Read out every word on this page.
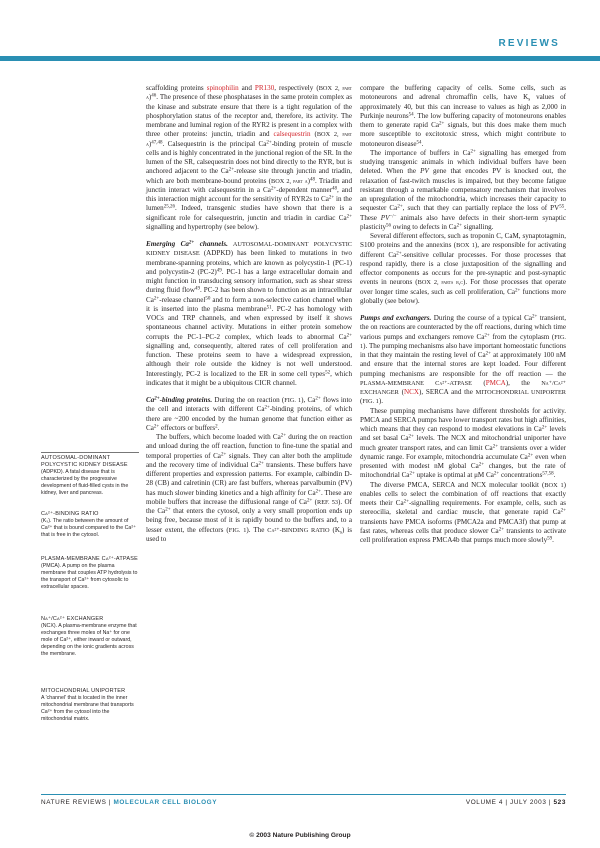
REVIEWS
AUTOSOMAL-DOMINANT POLYCYSTIC KIDNEY DISEASE
(ADPKD). A fatal disease that is characterized by the progressive development of fluid-filled cysts in the kidney, liver and pancreas.
Ca²⁺-BINDING RATIO
(Kₛ). The ratio between the amount of Ca²⁺ that is bound compared to the Ca²⁺ that is free in the cytosol.
PLASMA-MEMBRANE Ca²⁺-ATPASE
(PMCA). A pump on the plasma membrane that couples ATP hydrolysis to the transport of Ca²⁺ from cytosolic to extracellular spaces.
Na⁺/Ca²⁺ EXCHANGER
(NCX). A plasma-membrane enzyme that exchanges three moles of Na⁺ for one mole of Ca²⁺, either inward or outward, depending on the ionic gradients across the membrane.
MITOCHONDRIAL UNIPORTER
A 'channel' that is located in the inner mitochondrial membrane that transports Ca²⁺ from the cytosol into the mitochondrial matrix.

scaffolding proteins spinophilin and PR130, respectively (BOX 2, part a)$^{46}$. The presence of these phosphatases in the same protein complex as the kinase and substrate ensure that there is a tight regulation of the phosphorylation status of the receptor and, therefore, its activity. The membrane and luminal region of the RYR2 is present in a complex with three other proteins: junctin, triadin and calsequestrin (BOX 2, part a)$^{47,48}$. Calsequestrin is the principal $Ca^{2+}$-binding protein of muscle cells and is highly concentrated in the junctional region of the SR. In the lumen of the SR, calsequestrin does not bind directly to the RYR, but is anchored adjacent to the $Ca^{2+}$-release site through junctin and triadin, which are both membrane-bound proteins (BOX 2, part a)$^{48}$. Triadin and junctin interact with calsequestrin in a $Ca^{2+}$-dependent manner$^{48}$, and this interaction might account for the sensitivity of RYR2s to $Ca^{2+}$ in the lumen$^{25,26}$. Indeed, transgenic studies have shown that there is a significant role for calsequestrin, junctin and triadin in cardiac $Ca^{2+}$ signalling and hypertrophy (see below).

Emerging $Ca^{2+}$ channels. AUTOSOMAL-DOMINANT POLYCYSTIC KIDNEY DISEASE (ADPKD) has been linked to mutations in two membrane-spanning proteins, which are known as polycystin-1 (PC-1) and polycystin-2 $(PC-2)^{49}$. PC-1 has a large extracellular domain and might function in transducing sensory information, such as shear stress during fluid flow$^{49}$. PC-2 has been shown to function as an intracellular $Ca^{2+}$-release channel$^{50}$ and to form a non-selective cation channel when it is inserted into the plasma membrane$^{51}$. PC-2 has homology with VOCs and TRP channels, and when expressed by itself it shows spontaneous channel activity. Mutations in either protein somehow corrupts the PC-1–PC-2 complex, which leads to abnormal $Ca^{2+}$ signalling and, consequently, altered rates of cell proliferation and function. These proteins seem to have a widespread expression, although their role outside the kidney is not well understood. Interestingly, PC-2 is localized to the ER in some cell types$^{52}$, which indicates that it might be a ubiquitous CICR channel.

$Ca^{2+}$-binding proteins. During the on reaction (FIG. 1), $Ca^{2+}$ flows into the cell and interacts with different $Ca^{2+}$-binding proteins, of which there are ~200 encoded by the human genome that function either as $Ca^{2+}$ effectors or buffers$^2$.

The buffers, which become loaded with $Ca^{2+}$ during the on reaction and unload during the off reaction, function to fine-tune the spatial and temporal properties of $Ca^{2+}$ signals. They can alter both the amplitude and the recovery time of individual $Ca^{2+}$ transients. These buffers have different properties and expression patterns. For example, calbindin D-28 (CB) and calretinin (CR) are fast buffers, whereas parvalbumin (PV) has much slower binding kinetics and a high affinity for $Ca^{2+}$. These are mobile buffers that increase the diffusional range of $Ca^{2+}$ (REF. 53). Of the $Ca^{2+}$ that enters the cytosol, only a very small proportion ends up being free, because most of it is rapidly bound to the buffers and, to a lesser extent, the effectors (FIG. 1). The Ca²⁺-BINDING RATIO $(K_s)$ is used to

compare the buffering capacity of cells. Some cells, such as motoneurons and adrenal chromaffin cells, have $K_s$ values of approximately 40, but this can increase to values as high as 2,000 in Purkinje neurons$^{54}$. The low buffering capacity of motoneurons enables them to generate rapid $Ca^{2+}$ signals, but this does make them much more susceptible to excitotoxic stress, which might contribute to motoneuron disease$^{54}$.

The importance of buffers in $Ca^{2+}$ signalling has emerged from studying transgenic animals in which individual buffers have been deleted. When the PV gene that encodes PV is knocked out, the relaxation of fast-twitch muscles is impaired, but they become fatigue resistant through a remarkable compensatory mechanism that involves an upregulation of the mitochondria, which increases their capacity to sequester $Ca^{2+}$, such that they can partially replace the loss of PV$^{55}$. These PV−/− animals also have defects in their short-term synaptic plasticity$^{56}$ owing to defects in $Ca^{2+}$ signalling.

Several different effectors, such as troponin C, CaM, synaptotagmin, S100 proteins and the annexins (BOX 1), are responsible for activating different $Ca^{2+}$-sensitive cellular processes. For those processes that respond rapidly, there is a close juxtaposition of the signalling and effector components as occurs for the pre-synaptic and post-synaptic events in neurons (BOX 2, parts b,c). For those processes that operate over longer time scales, such as cell proliferation, $Ca^{2+}$ functions more globally (see below).

Pumps and exchangers. During the course of a typical $Ca^{2+}$ transient, the on reactions are counteracted by the off reactions, during which time various pumps and exchangers remove $Ca^{2+}$ from the cytoplasm (FIG. 1). The pumping mechanisms also have important homeostatic functions in that they maintain the resting level of $Ca^{2+}$ at approximately 100 nM and ensure that the internal stores are kept loaded. Four different pumping mechanisms are responsible for the off reaction — the PLASMA-MEMBRANE Ca²⁺-ATPASE (PMCA), the Na⁺/Ca²⁺ EXCHANGER (NCX), SERCA and the MITOCHONDRIAL UNIPORTER (FIG. 1).

These pumping mechanisms have different thresholds for activity. PMCA and SERCA pumps have lower transport rates but high affinities, which means that they can respond to modest elevations in $Ca^{2+}$ levels and set basal $Ca^{2+}$ levels. The NCX and mitochondrial uniporter have much greater transport rates, and can limit $Ca^{2+}$ transients over a wider dynamic range. For example, mitochondria accumulate $Ca^{2+}$ even when presented with modest nM global $Ca^{2+}$ changes, but the rate of mitochondrial $Ca^{2+}$ uptake is optimal at μM $Ca^{2+}$ concentrations$^{57,58}$.

The diverse PMCA, SERCA and NCX molecular toolkit (BOX 1) enables cells to select the combination of off reactions that exactly meets their $Ca^{2+}$-signalling requirements. For example, cells, such as stereocilia, skeletal and cardiac muscle, that generate rapid $Ca^{2+}$ transients have PMCA isoforms (PMCA2a and PMCA3f) that pump at fast rates, whereas cells that produce slower $Ca^{2+}$ transients to activate cell proliferation express PMCA4b that pumps much more slowly$^{59}$.

NATURE REVIEWS | MOLECULAR CELL BIOLOGY	VOLUME 4 | JULY 2003 | 523
© 2003 Nature Publishing Group
